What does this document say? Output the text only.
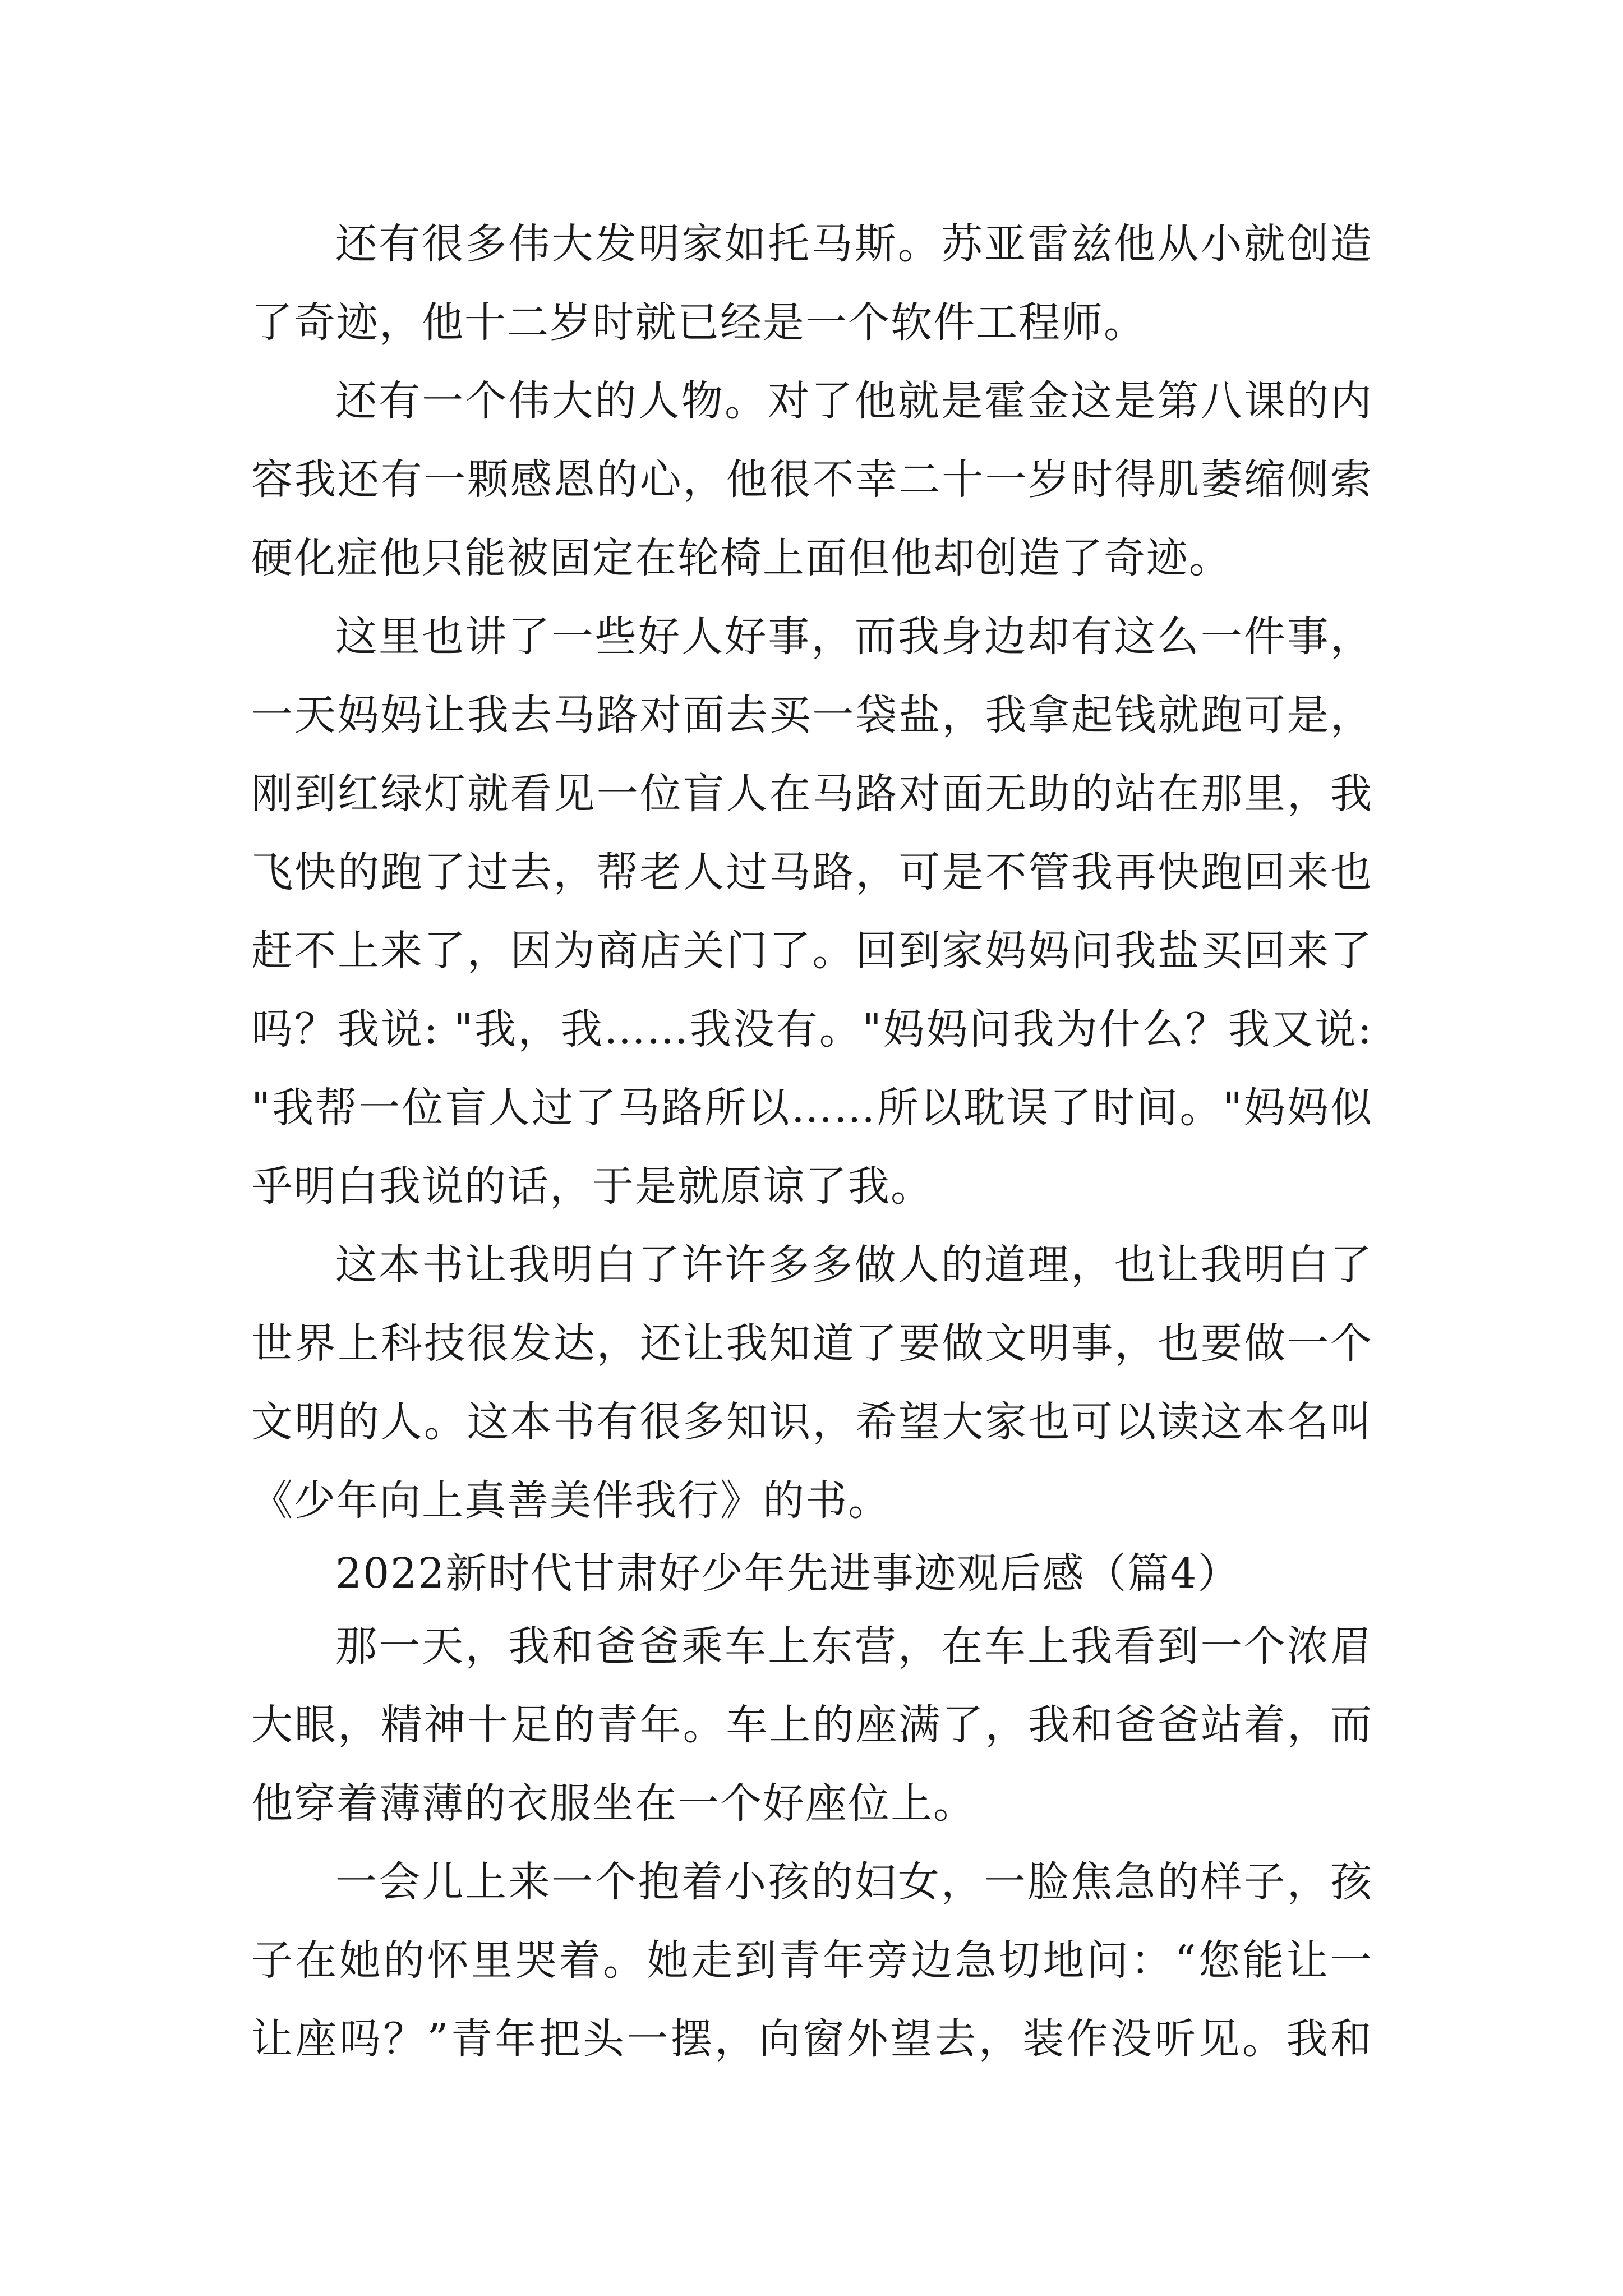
还有很多伟大发明家如托马斯。苏亚雷兹他从小就创造

了奇迹，他十二岁时就已经是一个软件工程师。

还有一个伟大的人物。对了他就是霍金这是第八课的内

容我还有一颗感恩的心，他很不幸二十一岁时得肌萎缩侧索

硬化症他只能被固定在轮椅上面但他却创造了奇迹。

这里也讲了一些好人好事，而我身边却有这么一件事，

一天妈妈让我去马路对面去买一袋盐，我拿起钱就跑可是，

刚到红绿灯就看见一位盲人在马路对面无助的站在那里，我

飞快的跑了过去，帮老人过马路，可是不管我再快跑回来也

赶不上来了，因为商店关门了。回到家妈妈问我盐买回来了

吗？我说: "我，我……我没有。"妈妈问我为什么？我又说:

"我帮一位盲人过了马路所以……所以耽误了时间。"妈妈似

乎明白我说的话，于是就原谅了我。

这本书让我明白了许许多多做人的道理，也让我明白了

世界上科技很发达，还让我知道了要做文明事，也要做一个

文明的人。这本书有很多知识，希望大家也可以读这本名叫

《少年向上真善美伴我行》的书。

2022新时代甘肃好少年先进事迹观后感（篇4）

那一天，我和爸爸乘车上东营，在车上我看到一个浓眉

大眼，精神十足的青年。车上的座满了，我和爸爸站着，而

他穿着薄薄的衣服坐在一个好座位上。

一会儿上来一个抱着小孩的妇女，一脸焦急的样子，孩

子在她的怀里哭着。她走到青年旁边急切地问：“您能让一

让座吗？”青年把头一摆，向窗外望去，装作没听见。我和
